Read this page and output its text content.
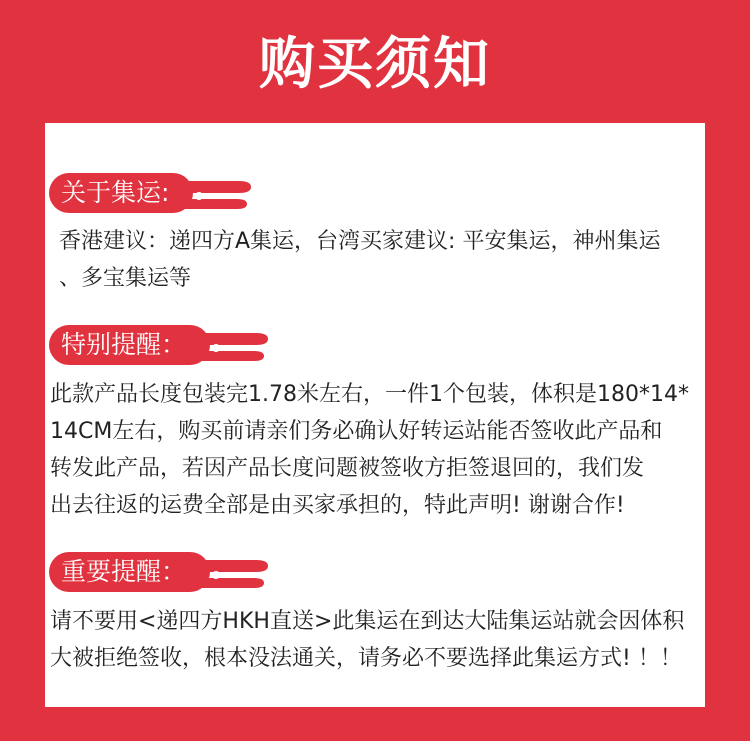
购买须知
关于集运:
香港建议：递四方A集运，台湾买家建议: 平安集运，神州集运
、多宝集运等
特别提醒：
此款产品长度包装完1.78米左右，一件1个包装，体积是180*14*
14CM左右，购买前请亲们务必确认好转运站能否签收此产品和
转发此产品，若因产品长度问题被签收方拒签退回的，我们发
出去往返的运费全部是由买家承担的，特此声明! 谢谢合作!
重要提醒：
请不要用<递四方HKH直送>此集运在到达大陆集运站就会因体积
大被拒绝签收，根本没法通关，请务必不要选择此集运方式! ！！
